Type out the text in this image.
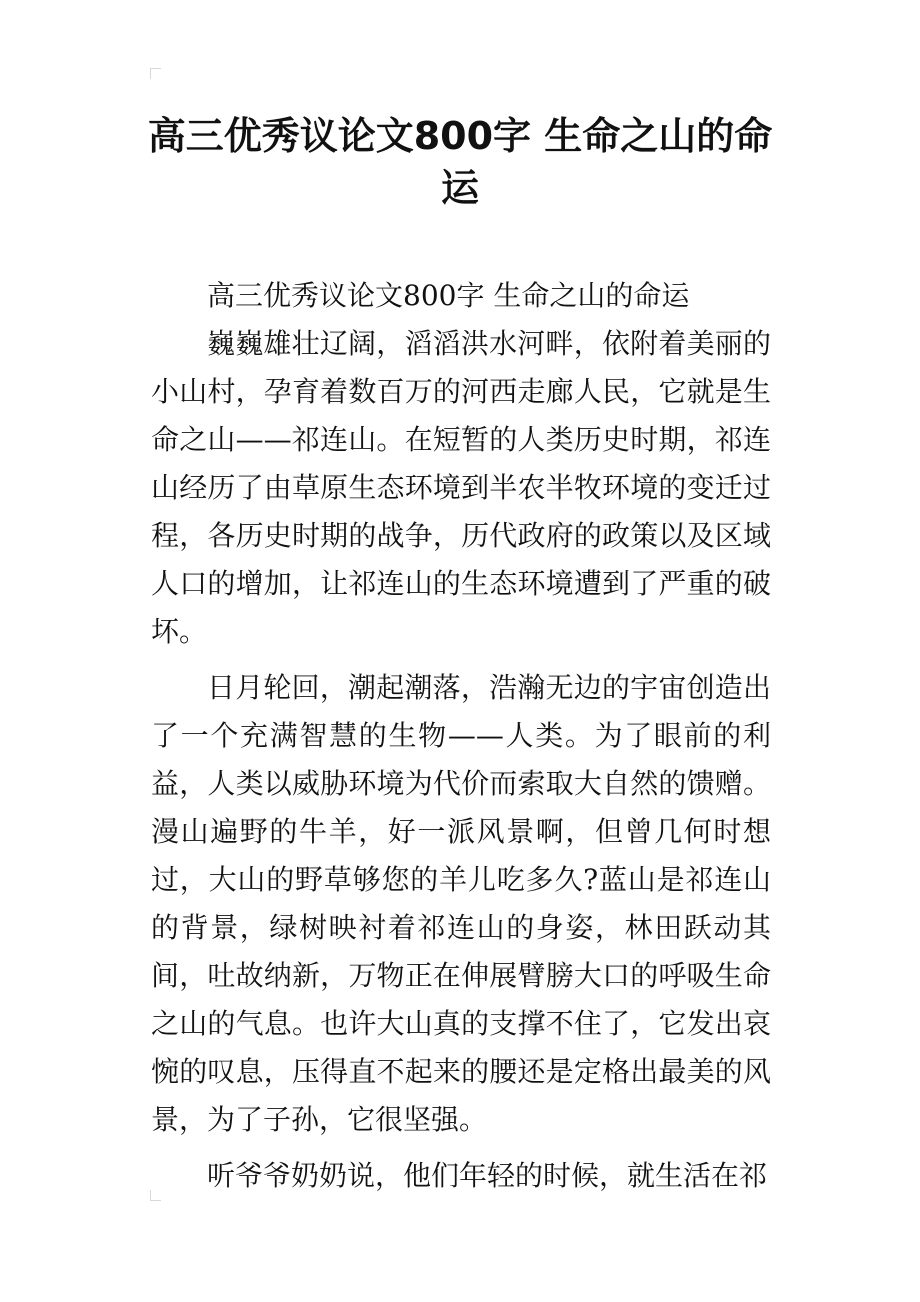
高三优秀议论文800字 生命之山的命运

高三优秀议论文800字 生命之山的命运

巍巍雄壮辽阔，滔滔洪水河畔，依附着美丽的小山村，孕育着数百万的河西走廊人民，它就是生命之山——祁连山。在短暂的人类历史时期，祁连山经历了由草原生态环境到半农半牧环境的变迁过程，各历史时期的战争，历代政府的政策以及区域人口的增加，让祁连山的生态环境遭到了严重的破坏。

日月轮回，潮起潮落，浩瀚无边的宇宙创造出了一个充满智慧的生物——人类。为了眼前的利益，人类以威胁环境为代价而索取大自然的馈赠。漫山遍野的牛羊，好一派风景啊，但曾几何时想过，大山的野草够您的羊儿吃多久?蓝山是祁连山的背景，绿树映衬着祁连山的身姿，林田跃动其间，吐故纳新，万物正在伸展臂膀大口的呼吸生命之山的气息。也许大山真的支撑不住了，它发出哀惋的叹息，压得直不起来的腰还是定格出最美的风景，为了子孙，它很坚强。

听爷爷奶奶说，他们年轻的时候，就生活在祁
